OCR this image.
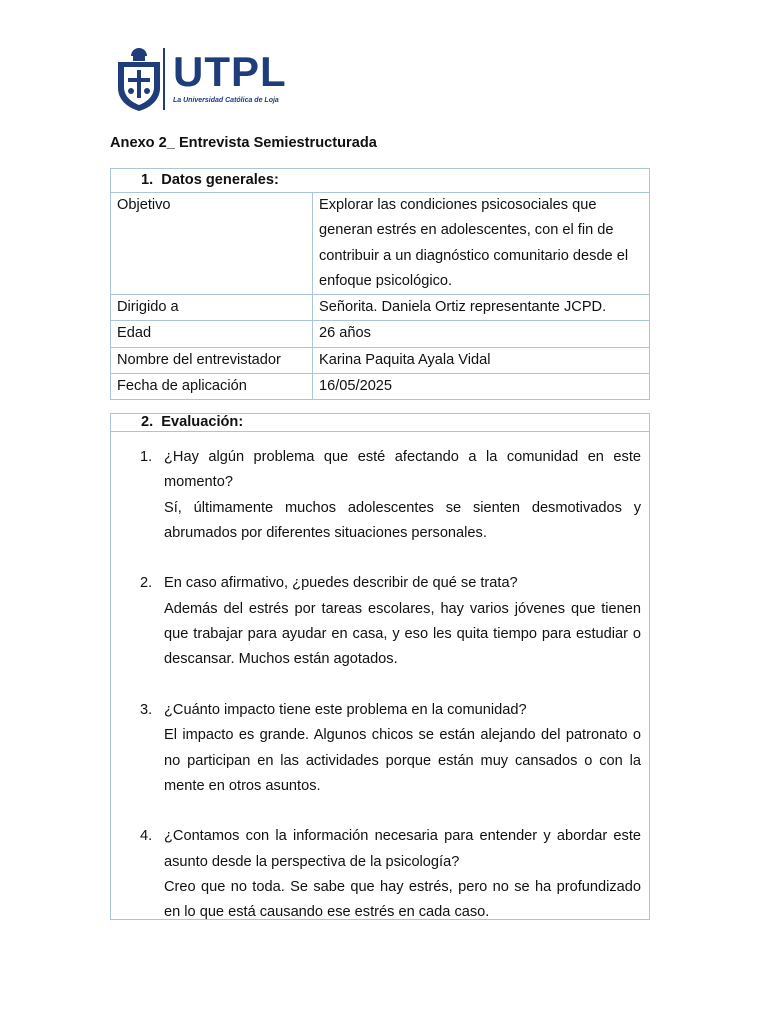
UTPL
La Universidad Católica de Loja
Anexo 2_ Entrevista Semiestructurada
1. Datos generales:	
Objetivo	Explorar las condiciones psicosociales que generan estrés en adolescentes, con el fin de contribuir a un diagnóstico comunitario desde el enfoque psicológico.
Dirigido a	Señorita. Daniela Ortiz representante JCPD.
Edad	26 años
Nombre del entrevistador	Karina Paquita Ayala Vidal
Fecha de aplicación	16/05/2025
2. Evaluación:
1. ¿Hay algún problema que esté afectando a la comunidad en este momento?

Sí, últimamente muchos adolescentes se sienten desmotivados y abrumados por diferentes situaciones personales.

2. En caso afirmativo, ¿puedes describir de qué se trata?

Además del estrés por tareas escolares, hay varios jóvenes que tienen que trabajar para ayudar en casa, y eso les quita tiempo para estudiar o descansar. Muchos están agotados.

3. ¿Cuánto impacto tiene este problema en la comunidad?

El impacto es grande. Algunos chicos se están alejando del patronato o no participan en las actividades porque están muy cansados o con la mente en otros asuntos.

4. ¿Contamos con la información necesaria para entender y abordar este asunto desde la perspectiva de la psicología?

Creo que no toda. Se sabe que hay estrés, pero no se ha profundizado en lo que está causando ese estrés en cada caso.
